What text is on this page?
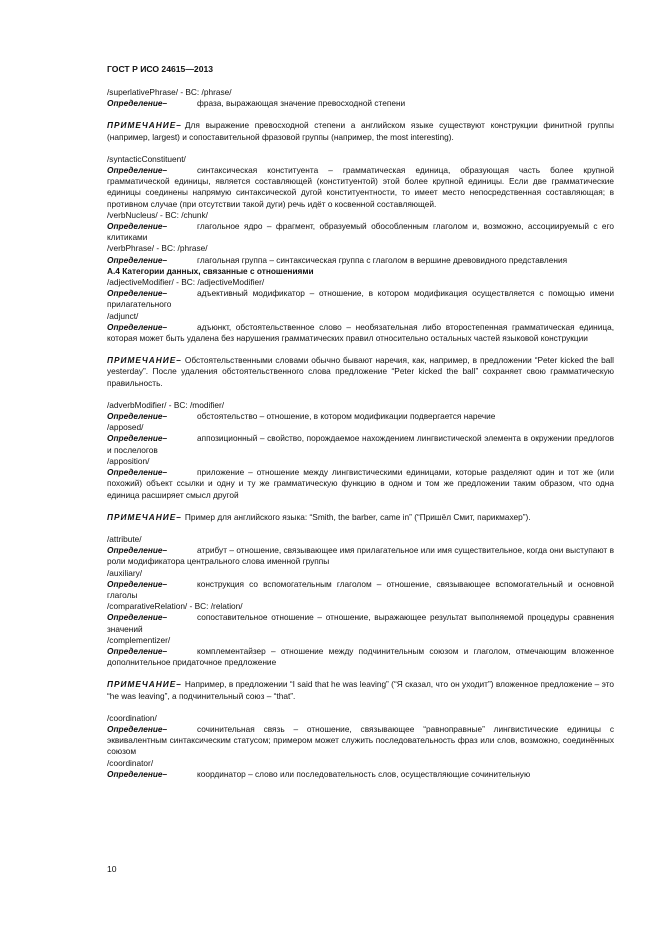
ГОСТ Р ИСО 24615—2013

/superlativePhrase/ - BC: /phrase/

Определение–	фраза, выражающая значение превосходной степени

ПРИМЕЧАНИЕ– Для выражение превосходной степени а английском языке существуют конструкции финитной группы (например, largest) и сопоставительной фразовой группы (например, the most interesting).

/syntacticConstituent/

Определение–	синтаксическая конституента – грамматическая единица, образующая часть более крупной грамматической единицы, является составляющей (конституентой) этой более крупной единицы. Если две грамматические единицы соединены напрямую синтаксической дугой конституентности, то имеет место непосредственная составляющая; в противном случае (при отсутствии такой дуги) речь идёт о косвенной составляющей.

/verbNucleus/ - BC: /chunk/

Определение–	глагольное ядро – фрагмент, образуемый обособленным глаголом и, возможно, ассоциируемый с его клитиками

/verbPhrase/ - BC: /phrase/

Определение–	глагольная группа – синтаксическая группа с глаголом в вершине древовидного представления

А.4 Категории данных, связанные с отношениями

/adjectiveModifier/ - BC: /adjectiveModifier/

Определение–	адъективный модификатор – отношение, в котором модификация осуществляется с помощью имени прилагательного

/adjunct/

Определение–	адъюнкт, обстоятельственное слово – необязательная либо второстепенная грамматическая единица, которая может быть удалена без нарушения грамматических правил относительно остальных частей языковой конструкции

ПРИМЕЧАНИЕ– Обстоятельственными словами обычно бывают наречия, как, например, в предложении “Peter kicked the ball yesterday”. После удаления обстоятельственного слова предложение “Peter kicked the ball” сохраняет свою грамматическую правильность.

/adverbModifier/ - BC: /modifier/

Определение–	обстоятельство – отношение, в котором модификации подвергается наречие

/apposed/

Определение–	аппозиционный – свойство, порождаемое нахождением лингвистической элемента в окружении предлогов и послелогов

/apposition/

Определение–	приложение – отношение между лингвистическими единицами, которые разделяют один и тот же (или похожий) объект ссылки и одну и ту же грамматическую функцию в одном и том же предложении таким образом, что одна единица расширяет смысл другой

ПРИМЕЧАНИЕ– Пример для английского языка: “Smith, the barber, came in” (“Пришёл Смит, парикмахер”).

/attribute/

Определение–	атрибут – отношение, связывающее имя прилагательное или имя существительное, когда они выступают в роли модификатора центрального слова именной группы

/auxiliary/

Определение–	конструкция со вспомогательным глаголом – отношение, связывающее вспомогательный и основной глаголы

/comparativeRelation/ - BC: /relation/

Определение–	сопоставительное отношение – отношение, выражающее результат выполняемой процедуры сравнения значений

/complementizer/

Определение–	комплементайзер – отношение между подчинительным союзом и глаголом, отмечающим вложенное дополнительное придаточное предложение

ПРИМЕЧАНИЕ– Например, в предложении “I said that he was leaving” (“Я сказал, что он уходит”) вложенное предложение – это “he was leaving”, а подчинительный союз – “that”.

/coordination/

Определение–	сочинительная связь – отношение, связывающее “равноправные” лингвистические единицы с эквивалентным синтаксическим статусом; примером может служить последовательность фраз или слов, возможно, соединённых союзом

/coordinator/

Определение–	координатор – слово или последовательность слов, осуществляющие сочинительную

10
